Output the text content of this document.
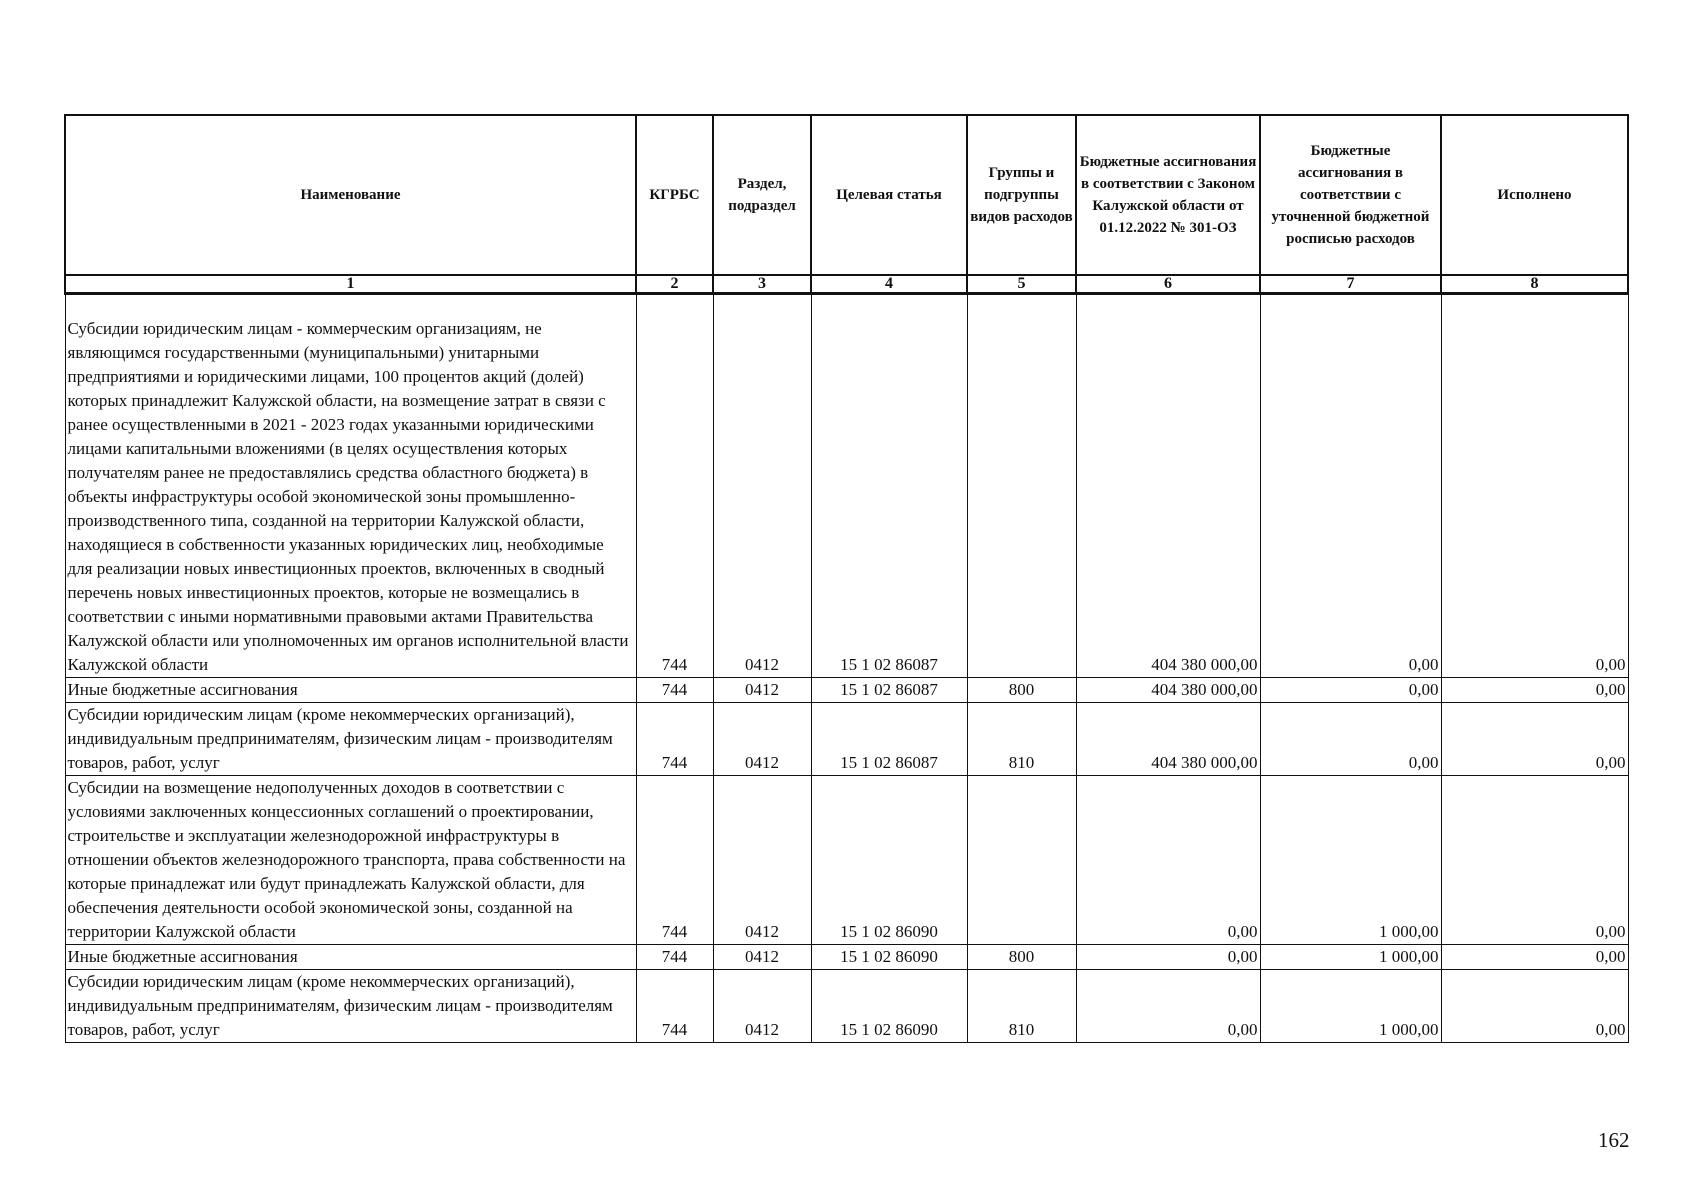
Наименование	КГРБС	Раздел, подраздел	Целевая статья	Группы и подгруппы видов расходов	Бюджетные ассигнования в соответствии с Законом Калужской области от 01.12.2022 № 301-ОЗ	Бюджетные ассигнования в соответствии с уточненной бюджетной росписью расходов	Исполнено
1	2	3	4	5	6	7	8
Субсидии юридическим лицам - коммерческим организациям, не являющимся государственными (муниципальными) унитарными предприятиями и юридическими лицами, 100 процентов акций (долей) которых принадлежит Калужской области, на возмещение затрат в связи с ранее осуществленными в 2021 - 2023 годах указанными юридическими лицами капитальными вложениями (в целях осуществления которых получателям ранее не предоставлялись средства областного бюджета) в объекты инфраструктуры особой экономической зоны промышленно-производственного типа, созданной на территории Калужской области, находящиеся в собственности указанных юридических лиц, необходимые для реализации новых инвестиционных проектов, включенных в сводный перечень новых инвестиционных проектов, которые не возмещались в соответствии с иными нормативными правовыми актами Правительства Калужской области или уполномоченных им органов исполнительной власти Калужской области	744	0412	15 1 02 86087		404 380 000,00	0,00	0,00
Иные бюджетные ассигнования	744	0412	15 1 02 86087	800	404 380 000,00	0,00	0,00
Субсидии юридическим лицам (кроме некоммерческих организаций), индивидуальным предпринимателям, физическим лицам - производителям товаров, работ, услуг	744	0412	15 1 02 86087	810	404 380 000,00	0,00	0,00
Субсидии на возмещение недополученных доходов в соответствии с условиями заключенных концессионных соглашений о проектировании, строительстве и эксплуатации железнодорожной инфраструктуры в отношении объектов железнодорожного транспорта, права собственности на которые принадлежат или будут принадлежать Калужской области, для обеспечения деятельности особой экономической зоны, созданной на территории Калужской области	744	0412	15 1 02 86090		0,00	1 000,00	0,00
Иные бюджетные ассигнования	744	0412	15 1 02 86090	800	0,00	1 000,00	0,00
Субсидии юридическим лицам (кроме некоммерческих организаций), индивидуальным предпринимателям, физическим лицам - производителям товаров, работ, услуг	744	0412	15 1 02 86090	810	0,00	1 000,00	0,00
162
